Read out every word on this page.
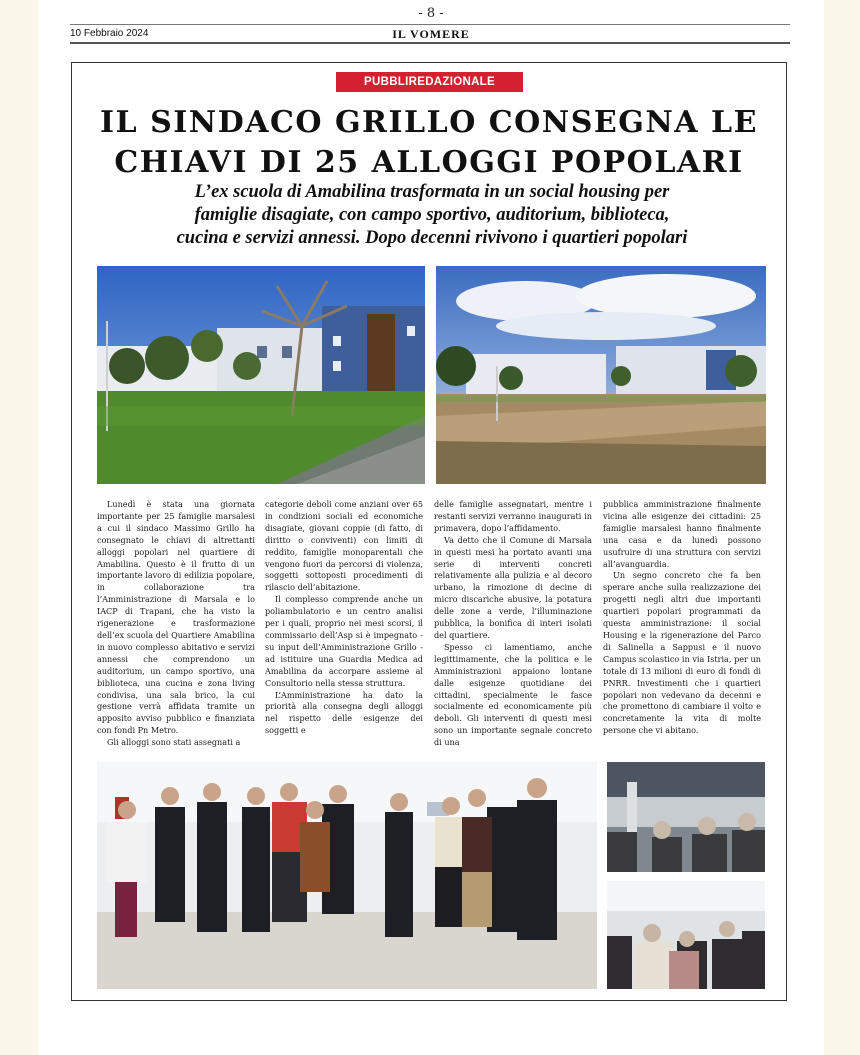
- 8 -
10 Febbraio 2024	IL VOMERE
PUBBLIREDAZIONALE
IL SINDACO GRILLO CONSEGNA LE
CHIAVI DI 25 ALLOGGI POPOLARI
L’ex scuola di Amabilina trasformata in un social housing per
famiglie disagiate, con campo sportivo, auditorium, biblioteca,
cucina e servizi annessi. Dopo decenni rivivono i quartieri popolari

Lunedì è stata una giornata importante per 25 famiglie marsalesi a cui il sindaco Massimo Grillo ha consegnato le chiavi di altrettanti alloggi popolari nel quartiere di Amabilina. Questo è il frutto di un importante lavoro di edilizia popolare, in collaborazione tra l’Amministrazione di Marsala e lo IACP di Trapani, che ha visto la rigenerazione e trasformazione dell’ex scuola del Quartiere Amabilina in nuovo complesso abitativo e servizi annessi che comprendono un auditorium, un campo sportivo, una biblioteca, una cucina e zona living condivisa, una sala brico, la cui gestione verrà affidata tramite un apposito avviso pubblico e finanziata con fondi Pn Metro.

Gli alloggi sono stati assegnati a

categorie deboli come anziani over 65 in condizioni sociali ed economiche disagiate, giovani coppie (di fatto, di diritto o conviventi) con limiti di reddito, famiglie monoparentali che vengono fuori da percorsi di violenza, soggetti sottoposti procedimenti di rilascio dell’abitazione.

Il complesso comprende anche un poliambulatorio e un centro analisi per i quali, proprio nei mesi scorsi, il commissario dell’Asp si è impegnato - su input dell’Amministrazione Grillo - ad istituire una Guardia Medica ad Amabilina da accorpare assieme al Consultorio nella stessa struttura.

L’Amministrazione ha dato la priorità alla consegna degli alloggi nel rispetto delle esigenze dei soggetti e

delle famiglie assegnatari, mentre i restanti servizi verranno inaugurati in primavera, dopo l’affidamento.

Va detto che il Comune di Marsala in questi mesi ha portato avanti una serie di interventi concreti relativamente alla pulizia e al decoro urbano, la rimozione di decine di micro discariche abusive, la potatura delle zone a verde, l’illuminazione pubblica, la bonifica di interi isolati del quartiere.

Spesso ci lamentiamo, anche legittimamente, che la politica e le Amministrazioni appaiono lontane dalle esigenze quotidiane dei cittadini, specialmente le fasce socialmente ed economicamente più deboli. Gli interventi di questi mesi sono un importante segnale concreto di una

pubblica amministrazione finalmente vicina alle esigenze dei cittadini: 25 famiglie marsalesi hanno finalmente una casa e da lunedì possono usufruire di una struttura con servizi all’avanguardia.

Un segno concreto che fa ben sperare anche sulla realizzazione dei progetti negli altri due importanti quartieri popolari programmati da questa amministrazione: il social Housing e la rigenerazione del Parco di Salinella a Sappusi e il nuovo Campus scolastico in via Istria, per un totale di 13 milioni di euro di fondi di PNRR. Investimenti che i quartieri popolari non vedevano da decenni e che promettono di cambiare il volto e concretamente la vita di molte persone che vi abitano.
